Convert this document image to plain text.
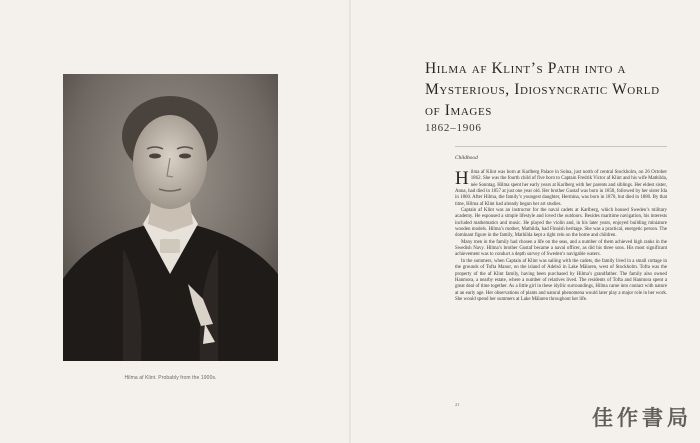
Hilma af Klint. Probably from the 1900s.
Hilma af Klint’s Path into a Mysterious, Idiosyncratic World of Images
1862–1906
Childhood

Hilma af Klint was born at Karlberg Palace in Solna, just north of central Stockholm, on 26 October 1862. She was the fourth child of five born to Captain Fredrik Victor af Klint and his wife Mathilda, née Sonntag. Hilma spent her early years at Karlberg with her parents and siblings. Her eldest sister, Anna, had died in 1857 at just one year old. Her brother Gustaf was born in 1858, followed by her sister Ida in 1860. After Hilma, the family’s youngest daughter, Hermina, was born in 1870, but died in 1880. By that time, Hilma af Klint had already begun her art studies.

Captain af Klint was an instructor for the naval cadets at Karlberg, which housed Sweden’s military academy. He espoused a simple lifestyle and loved the outdoors. Besides maritime navigation, his interests included mathematics and music. He played the violin and, in his later years, enjoyed building miniature wooden models. Hilma’s mother, Mathilda, had Finnish heritage. She was a practical, energetic person. The dominant figure in the family, Mathilda kept a tight rein on the home and children.

Many men in the family had chosen a life on the seas, and a number of them achieved high ranks in the Swedish Navy. Hilma’s brother Gustaf became a naval officer, as did his three sons. His most significant achievement was to conduct a depth survey of Sweden’s navigable waters.

In the summers, when Captain af Klint was sailing with the cadets, the family lived in a small cottage in the grounds of Tofta Manor, on the island of Adelsö in Lake Mälaren, west of Stockholm. Tofta was the property of the af Klint family, having been purchased by Hilma’s grandfather. The family also owned Hanmora, a nearby estate, where a number of relatives lived. The residents of Tofta and Hanmora spent a great deal of time together. As a little girl in these idyllic surroundings, Hilma came into contact with nature at an early age. Her observations of plants and natural phenomena would later play a major role in her work. She would spend her summers at Lake Mälaren throughout her life.

21
佳作書局
